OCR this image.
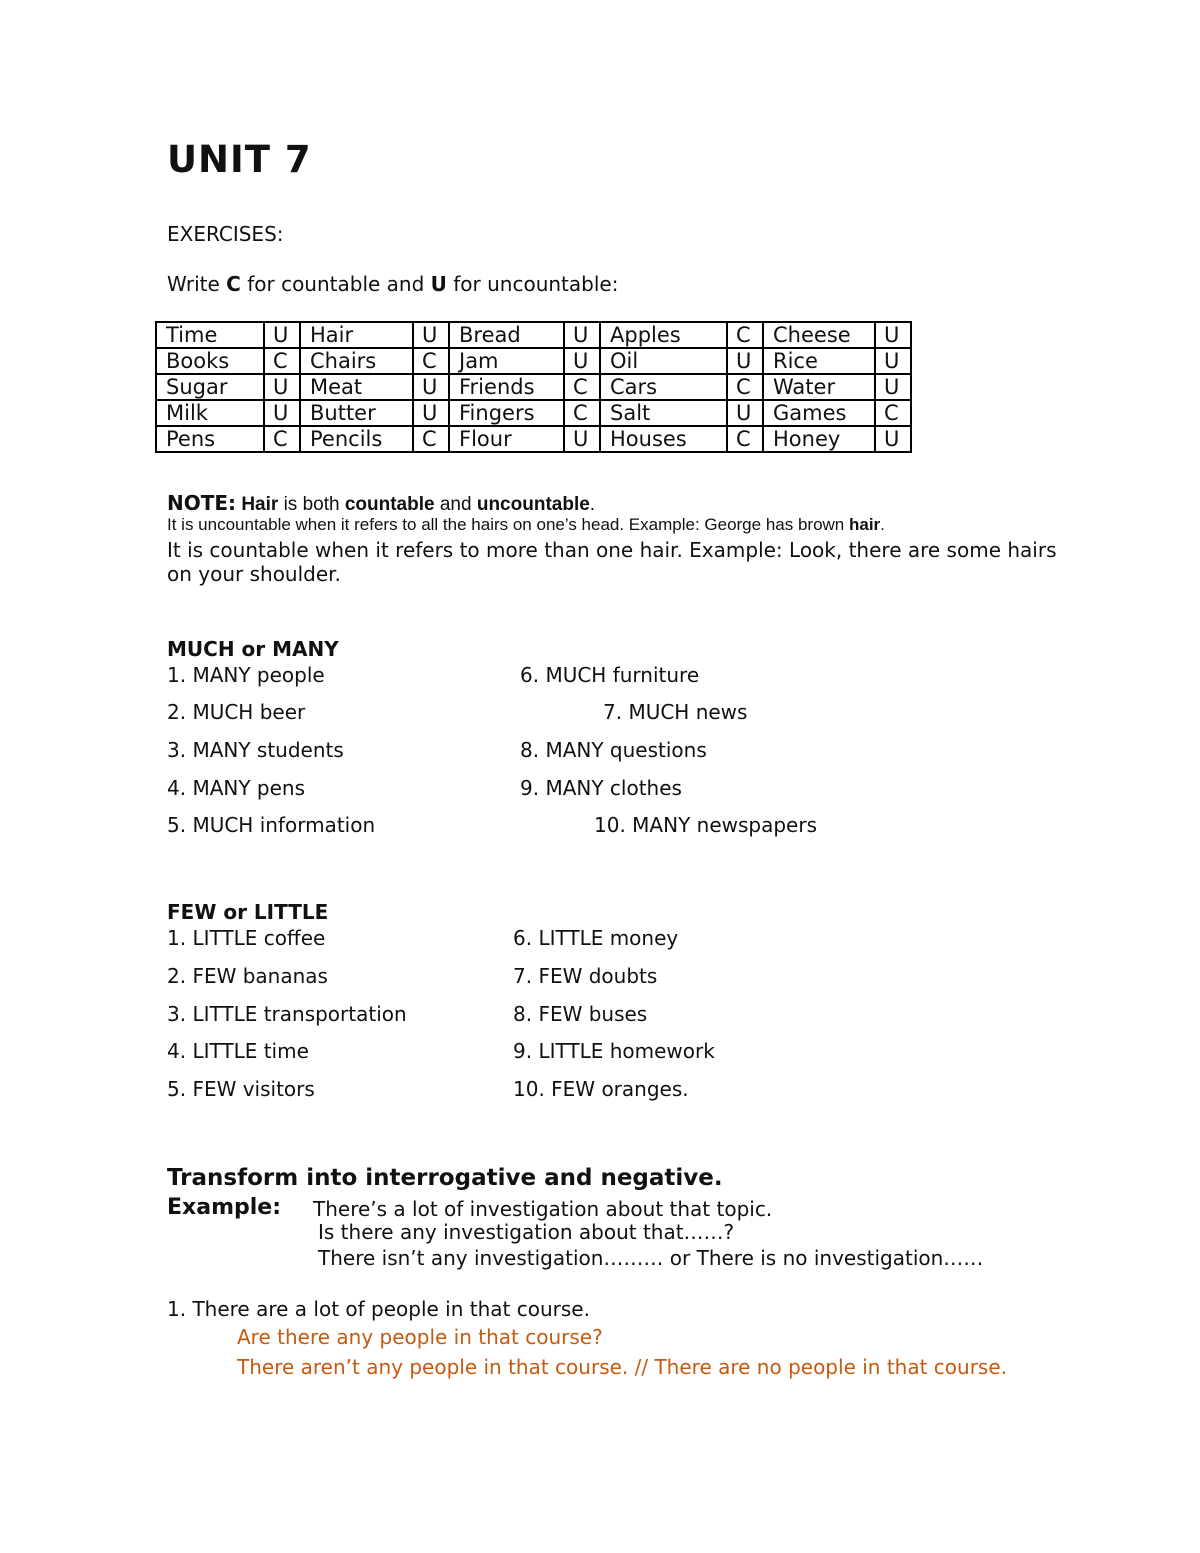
UNIT 7
EXERCISES:
Write C for countable and U for uncountable:
Time	U	Hair	U	Bread	U	Apples	C	Cheese	U
Books	C	Chairs	C	Jam	U	Oil	U	Rice	U
Sugar	U	Meat	U	Friends	C	Cars	C	Water	U
Milk	U	Butter	U	Fingers	C	Salt	U	Games	C
Pens	C	Pencils	C	Flour	U	Houses	C	Honey	U
NOTE: Hair is both countable and uncountable.
It is uncountable when it refers to all the hairs on one’s head. Example: George has brown hair.
It is countable when it refers to more than one hair. Example: Look, there are some hairs
on your shoulder.
MUCH or MANY
1. MANY people
2. MUCH beer
3. MANY students
4. MANY pens
5. MUCH information
6. MUCH furniture
7. MUCH news
8. MANY questions
9. MANY clothes
10. MANY newspapers
FEW or LITTLE
1. LITTLE coffee
2. FEW bananas
3. LITTLE transportation
4. LITTLE time
5. FEW visitors
6. LITTLE money
7. FEW doubts
8. FEW buses
9. LITTLE homework
10. FEW oranges.
Transform into interrogative and negative.
Example: There’s a lot of investigation about that topic.
Is there any investigation about that……?
There isn’t any investigation……… or There is no investigation……
1. There are a lot of people in that course.
Are there any people in that course?
There aren’t any people in that course. // There are no people in that course.
